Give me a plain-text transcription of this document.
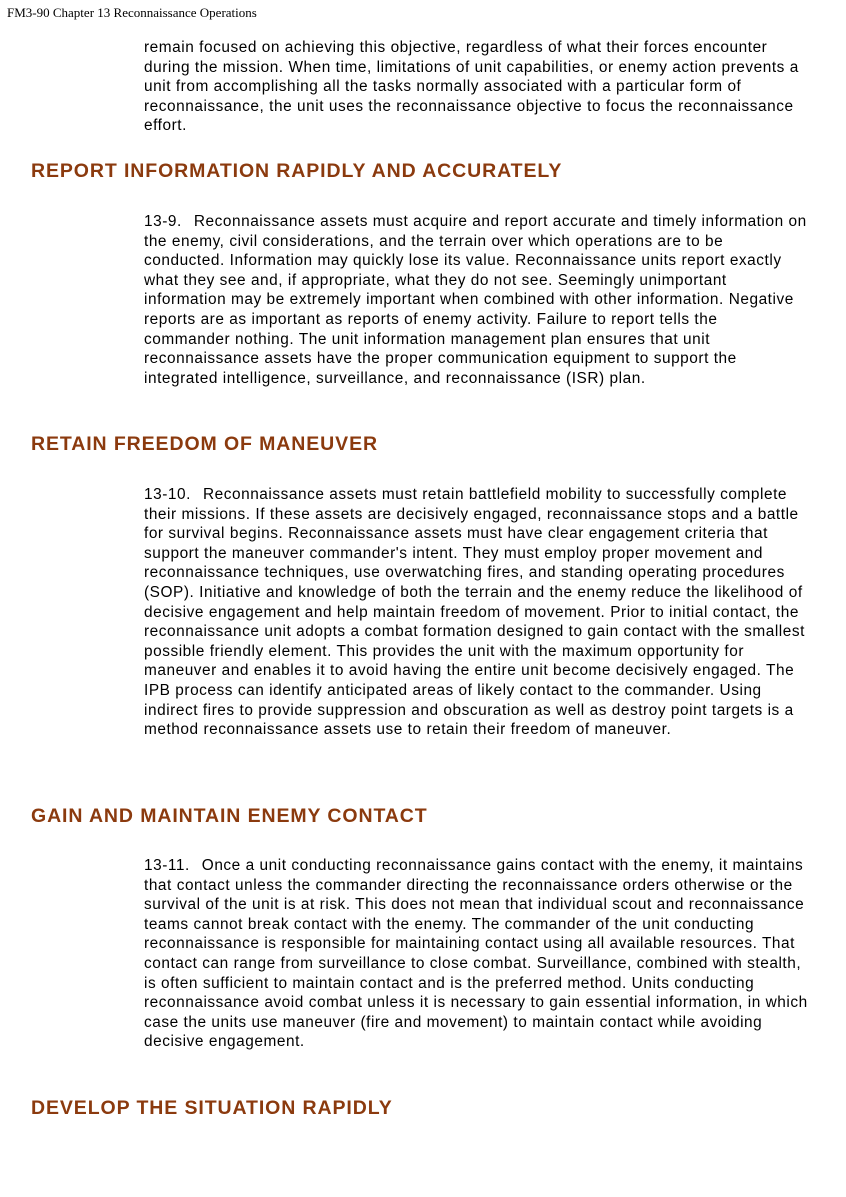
FM3-90 Chapter 13 Reconnaissance Operations

remain focused on achieving this objective, regardless of what their forces encounter during the mission. When time, limitations of unit capabilities, or enemy action prevents a unit from accomplishing all the tasks normally associated with a particular form of reconnaissance, the unit uses the reconnaissance objective to focus the reconnaissance effort.

REPORT INFORMATION RAPIDLY AND ACCURATELY

13-9. Reconnaissance assets must acquire and report accurate and timely information on the enemy, civil considerations, and the terrain over which operations are to be conducted. Information may quickly lose its value. Reconnaissance units report exactly what they see and, if appropriate, what they do not see. Seemingly unimportant information may be extremely important when combined with other information. Negative reports are as important as reports of enemy activity. Failure to report tells the commander nothing. The unit information management plan ensures that unit reconnaissance assets have the proper communication equipment to support the integrated intelligence, surveillance, and reconnaissance (ISR) plan.

RETAIN FREEDOM OF MANEUVER

13-10. Reconnaissance assets must retain battlefield mobility to successfully complete their missions. If these assets are decisively engaged, reconnaissance stops and a battle for survival begins. Reconnaissance assets must have clear engagement criteria that support the maneuver commander's intent. They must employ proper movement and reconnaissance techniques, use overwatching fires, and standing operating procedures (SOP). Initiative and knowledge of both the terrain and the enemy reduce the likelihood of decisive engagement and help maintain freedom of movement. Prior to initial contact, the reconnaissance unit adopts a combat formation designed to gain contact with the smallest possible friendly element. This provides the unit with the maximum opportunity for maneuver and enables it to avoid having the entire unit become decisively engaged. The IPB process can identify anticipated areas of likely contact to the commander. Using indirect fires to provide suppression and obscuration as well as destroy point targets is a method reconnaissance assets use to retain their freedom of maneuver.

GAIN AND MAINTAIN ENEMY CONTACT

13-11. Once a unit conducting reconnaissance gains contact with the enemy, it maintains that contact unless the commander directing the reconnaissance orders otherwise or the survival of the unit is at risk. This does not mean that individual scout and reconnaissance teams cannot break contact with the enemy. The commander of the unit conducting reconnaissance is responsible for maintaining contact using all available resources. That contact can range from surveillance to close combat. Surveillance, combined with stealth, is often sufficient to maintain contact and is the preferred method. Units conducting reconnaissance avoid combat unless it is necessary to gain essential information, in which case the units use maneuver (fire and movement) to maintain contact while avoiding decisive engagement.

DEVELOP THE SITUATION RAPIDLY
